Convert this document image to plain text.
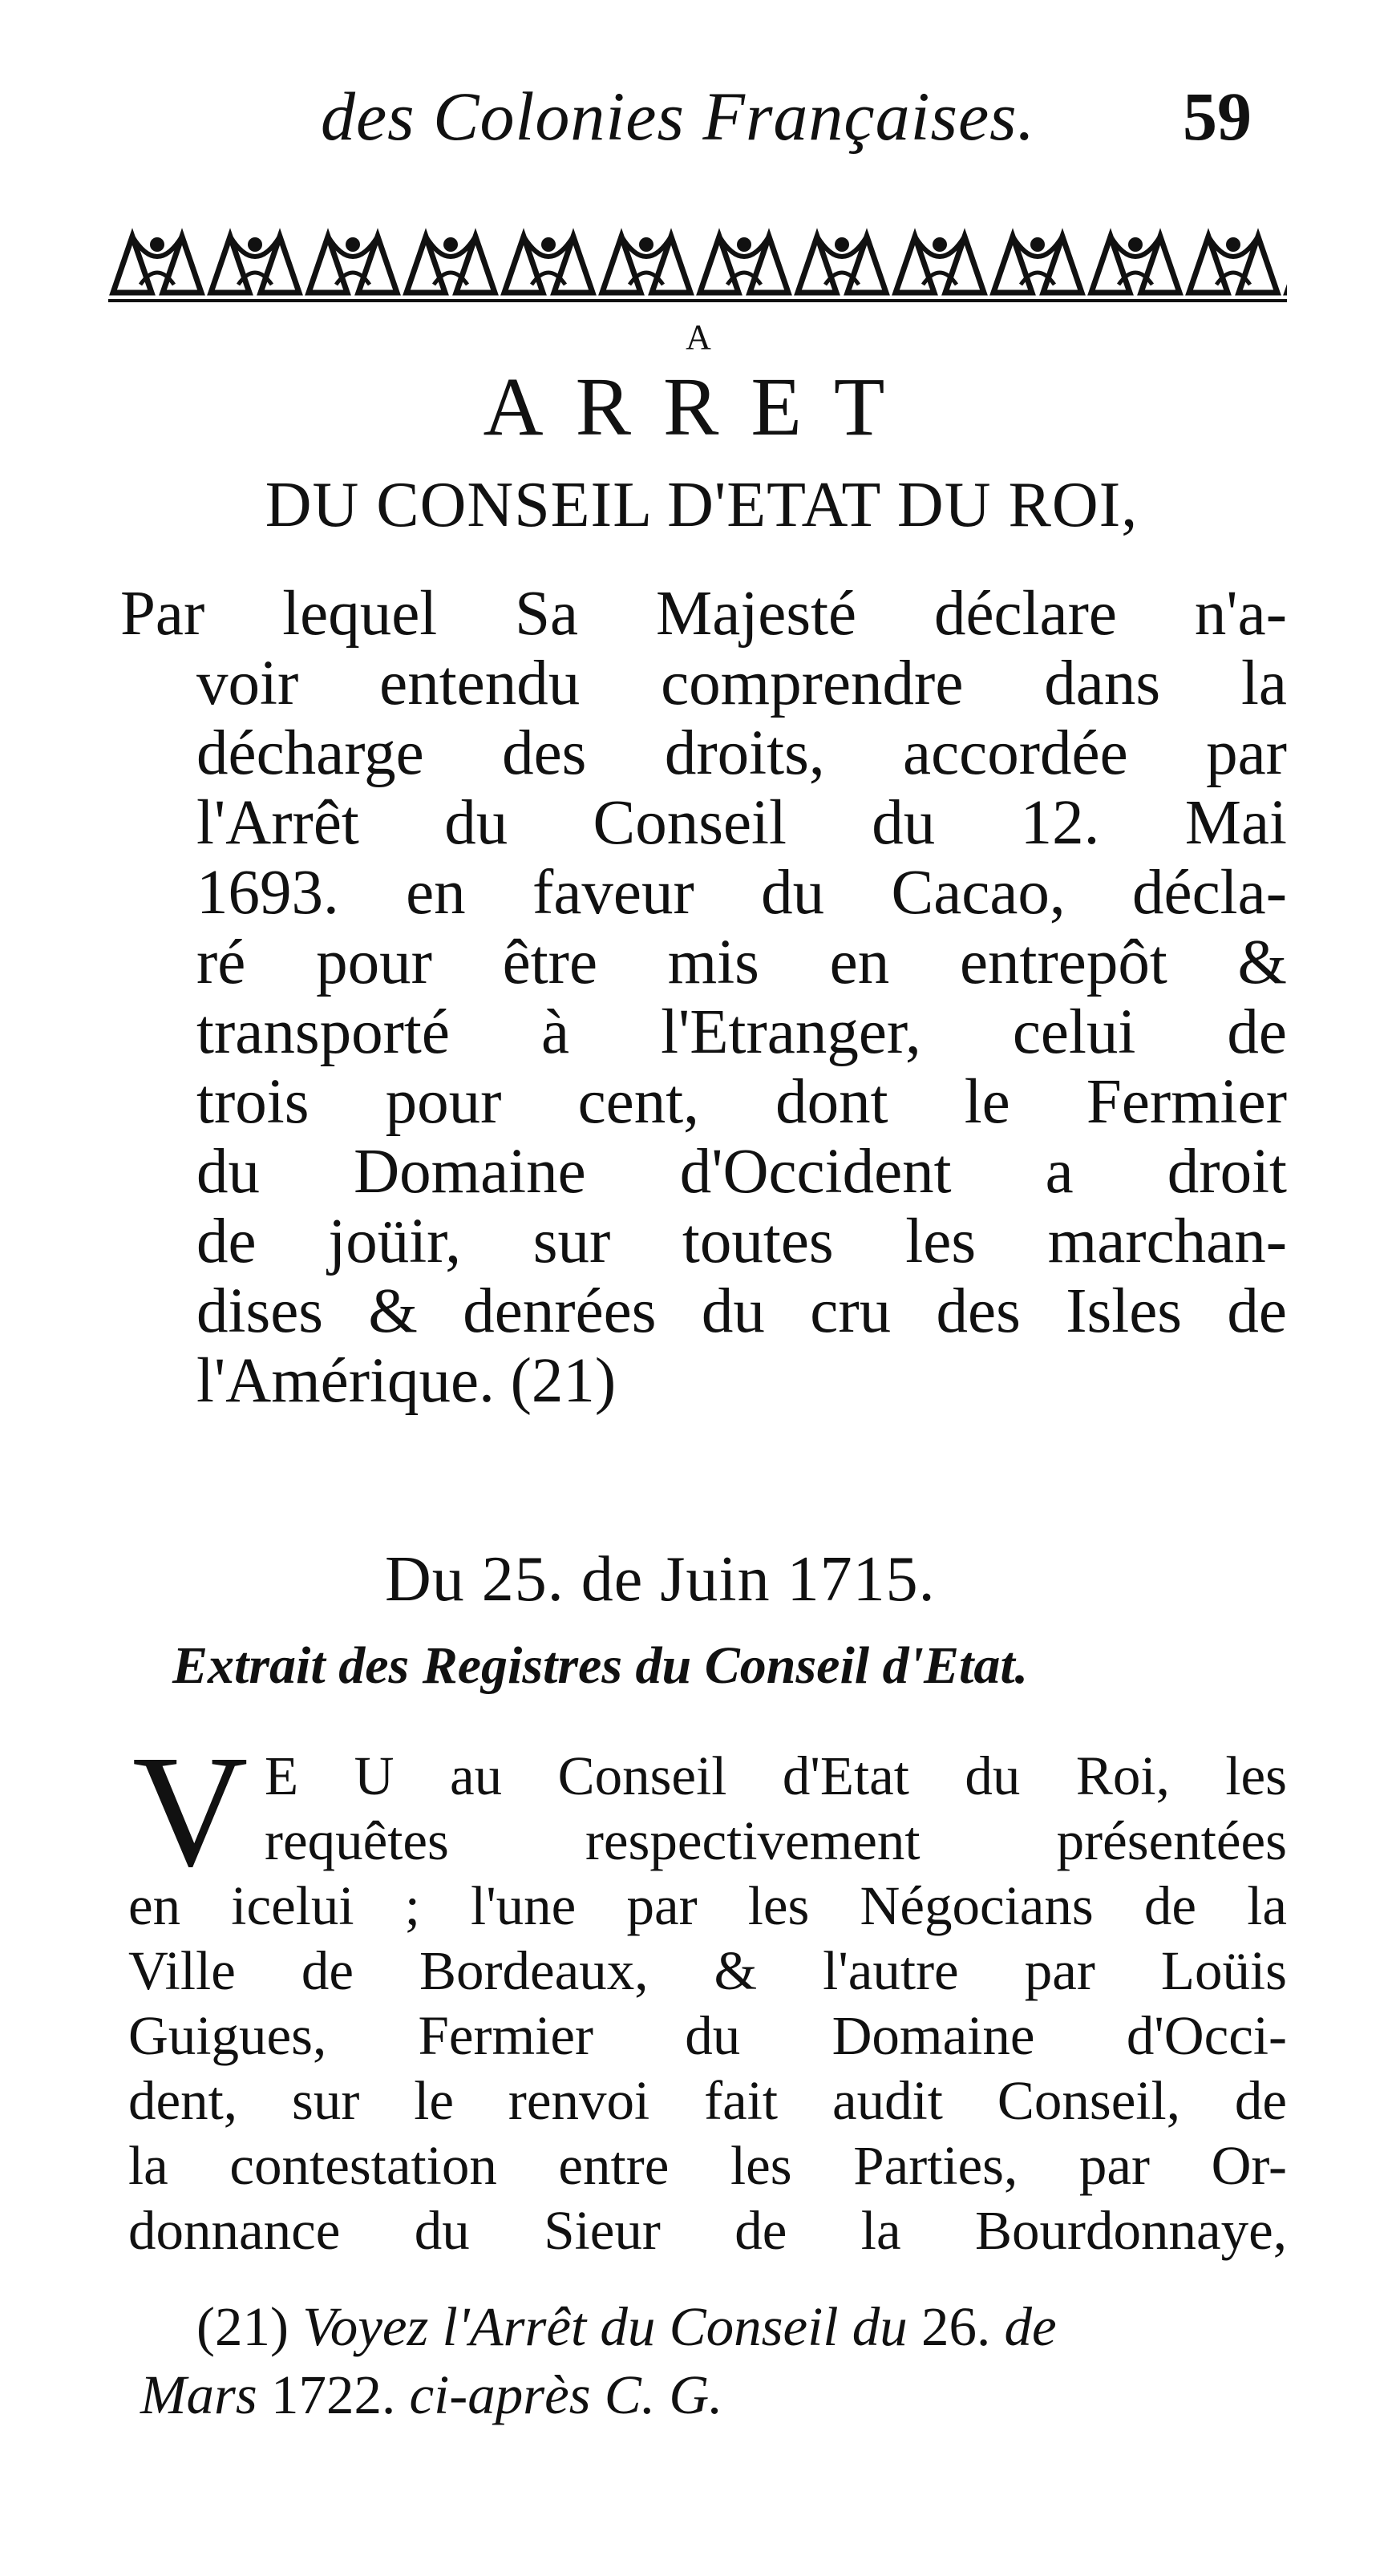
des Colonies Françaises. 59
A
ARRET
DU CONSEIL D'ETAT DU ROI,
Par lequel Sa Majesté déclare n'a-
voir entendu comprendre dans la
décharge des droits, accordée par
l'Arrêt du Conseil du 12. Mai
1693. en faveur du Cacao, décla-
ré pour être mis en entrepôt &
transporté à l'Etranger, celui de
trois pour cent, dont le Fermier
du Domaine d'Occident a droit
de joüir, sur toutes les marchan-
dises & denrées du cru des Isles de
l'Amérique. (21)
Du 25. de Juin 1715.
Extrait des Registres du Conseil d'Etat.
V E U au Conseil d'Etat du Roi, les
requêtes respectivement présentées
en icelui ; l'une par les Négocians de la
Ville de Bordeaux, & l'autre par Loüis
Guigues, Fermier du Domaine d'Occi-
dent, sur le renvoi fait audit Conseil, de
la contestation entre les Parties, par Or-
donnance du Sieur de la Bourdonnaye,
(21) Voyez l'Arrêt du Conseil du 26. de
Mars 1722. ci-après C. G.
